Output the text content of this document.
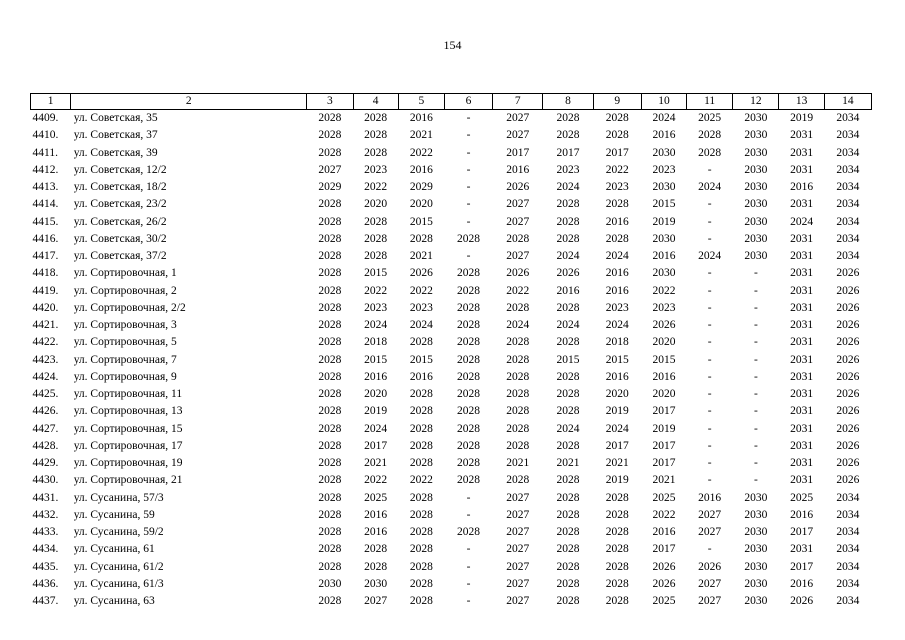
154
1	2	3	4	5	6	7	8	9	10	11	12	13	14
4409.	ул. Советская, 35	2028	2028	2016	-	2027	2028	2028	2024	2025	2030	2019	2034
4410.	ул. Советская, 37	2028	2028	2021	-	2027	2028	2028	2016	2028	2030	2031	2034
4411.	ул. Советская, 39	2028	2028	2022	-	2017	2017	2017	2030	2028	2030	2031	2034
4412.	ул. Советская, 12/2	2027	2023	2016	-	2016	2023	2022	2023	-	2030	2031	2034
4413.	ул. Советская, 18/2	2029	2022	2029	-	2026	2024	2023	2030	2024	2030	2016	2034
4414.	ул. Советская, 23/2	2028	2020	2020	-	2027	2028	2028	2015	-	2030	2031	2034
4415.	ул. Советская, 26/2	2028	2028	2015	-	2027	2028	2016	2019	-	2030	2024	2034
4416.	ул. Советская, 30/2	2028	2028	2028	2028	2028	2028	2028	2030	-	2030	2031	2034
4417.	ул. Советская, 37/2	2028	2028	2021	-	2027	2024	2024	2016	2024	2030	2031	2034
4418.	ул. Сортировочная, 1	2028	2015	2026	2028	2026	2026	2016	2030	-	-	2031	2026
4419.	ул. Сортировочная, 2	2028	2022	2022	2028	2022	2016	2016	2022	-	-	2031	2026
4420.	ул. Сортировочная, 2/2	2028	2023	2023	2028	2028	2028	2023	2023	-	-	2031	2026
4421.	ул. Сортировочная, 3	2028	2024	2024	2028	2024	2024	2024	2026	-	-	2031	2026
4422.	ул. Сортировочная, 5	2028	2018	2028	2028	2028	2028	2018	2020	-	-	2031	2026
4423.	ул. Сортировочная, 7	2028	2015	2015	2028	2028	2015	2015	2015	-	-	2031	2026
4424.	ул. Сортировочная, 9	2028	2016	2016	2028	2028	2028	2016	2016	-	-	2031	2026
4425.	ул. Сортировочная, 11	2028	2020	2028	2028	2028	2028	2020	2020	-	-	2031	2026
4426.	ул. Сортировочная, 13	2028	2019	2028	2028	2028	2028	2019	2017	-	-	2031	2026
4427.	ул. Сортировочная, 15	2028	2024	2028	2028	2028	2024	2024	2019	-	-	2031	2026
4428.	ул. Сортировочная, 17	2028	2017	2028	2028	2028	2028	2017	2017	-	-	2031	2026
4429.	ул. Сортировочная, 19	2028	2021	2028	2028	2021	2021	2021	2017	-	-	2031	2026
4430.	ул. Сортировочная, 21	2028	2022	2022	2028	2028	2028	2019	2021	-	-	2031	2026
4431.	ул. Сусанина, 57/3	2028	2025	2028	-	2027	2028	2028	2025	2016	2030	2025	2034
4432.	ул. Сусанина, 59	2028	2016	2028	-	2027	2028	2028	2022	2027	2030	2016	2034
4433.	ул. Сусанина, 59/2	2028	2016	2028	2028	2027	2028	2028	2016	2027	2030	2017	2034
4434.	ул. Сусанина, 61	2028	2028	2028	-	2027	2028	2028	2017	-	2030	2031	2034
4435.	ул. Сусанина, 61/2	2028	2028	2028	-	2027	2028	2028	2026	2026	2030	2017	2034
4436.	ул. Сусанина, 61/3	2030	2030	2028	-	2027	2028	2028	2026	2027	2030	2016	2034
4437.	ул. Сусанина, 63	2028	2027	2028	-	2027	2028	2028	2025	2027	2030	2026	2034
